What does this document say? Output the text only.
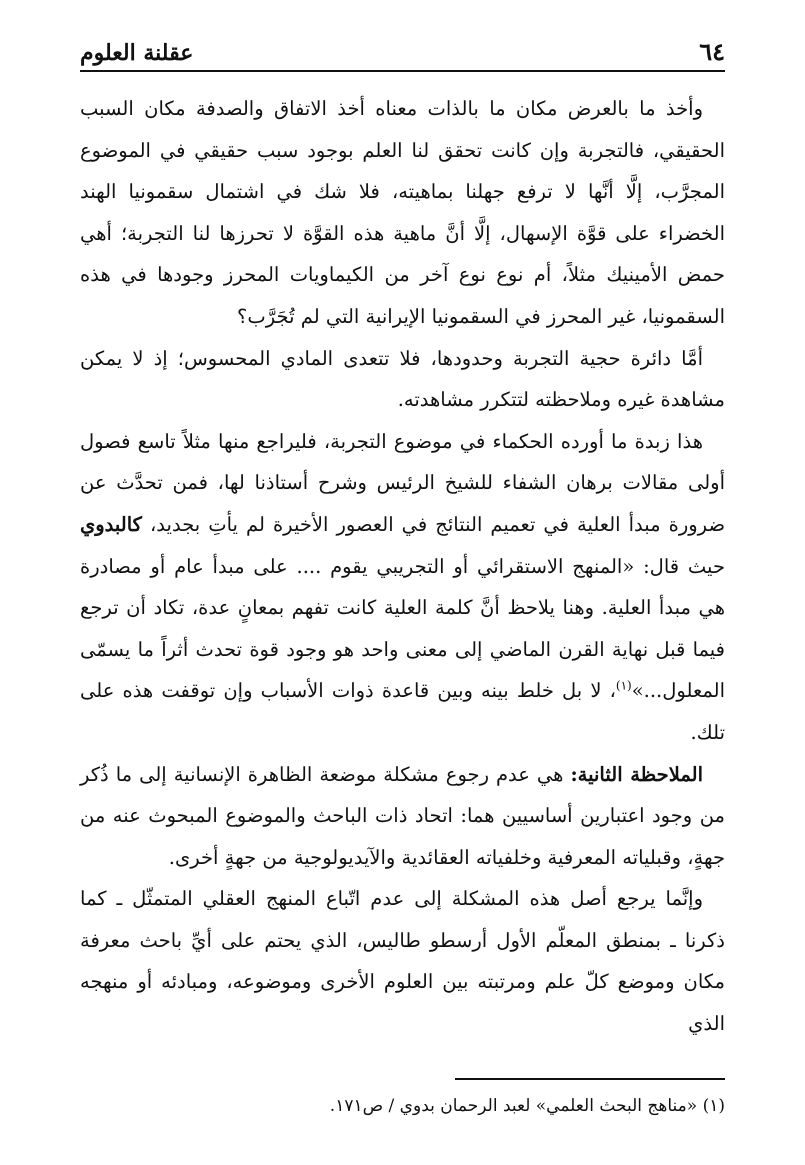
٦٤
عقلنة العلوم

وأخذ ما بالعرض مكان ما بالذات معناه أخذ الاتفاق والصدفة مكان السبب الحقيقي، فالتجربة وإن كانت تحقق لنا العلم بوجود سبب حقيقي في الموضوع المجرَّب، إلَّا أنَّها لا ترفع جهلنا بماهيته، فلا شك في اشتمال سقمونيا الهند الخضراء على قوَّة الإسهال، إلَّا أنَّ ماهية هذه القوَّة لا تحرزها لنا التجربة؛ أهي حمض الأمينيك مثلاً، أم نوع نوع آخر من الكيماويات المحرز وجودها في هذه السقمونيا، غير المحرز في السقمونيا الإيرانية التي لم تُجَرَّب؟

أمَّا دائرة حجية التجربة وحدودها، فلا تتعدى المادي المحسوس؛ إذ لا يمكن مشاهدة غيره وملاحظته لتتكرر مشاهدته.

هذا زبدة ما أورده الحكماء في موضوع التجربة، فليراجع منها مثلاً تاسع فصول أولى مقالات برهان الشفاء للشيخ الرئيس وشرح أستاذنا لها، فمن تحدَّث عن ضرورة مبدأ العلية في تعميم النتائج في العصور الأخيرة لم يأتِ بجديد، كالبدوي حيث قال: «المنهج الاستقرائي أو التجريبي يقوم .... على مبدأ عام أو مصادرة هي مبدأ العلية. وهنا يلاحظ أنَّ كلمة العلية كانت تفهم بمعانٍ عدة، تكاد أن ترجع فيما قبل نهاية القرن الماضي إلى معنى واحد هو وجود قوة تحدث أثراً ما يسمّى المعلول...»$^{(١)}$، لا بل خلط بينه وبين قاعدة ذوات الأسباب وإن توقفت هذه على تلك.

الملاحظة الثانية: هي عدم رجوع مشكلة موضعة الظاهرة الإنسانية إلى ما ذُكر من وجود اعتبارين أساسيين هما: اتحاد ذات الباحث والموضوع المبحوث عنه من جهةٍ، وقبلياته المعرفية وخلفياته العقائدية والآيديولوجية من جهةٍ أخرى.

وإنَّما يرجع أصل هذه المشكلة إلى عدم اتّباع المنهج العقلي المتمثّل ـ كما ذكرنا ـ بمنطق المعلّم الأول أرسطو طاليس، الذي يحتم على أيِّ باحث معرفة مكان وموضع كلّ علم ومرتبته بين العلوم الأخرى وموضوعه، ومبادئه أو منهجه الذي

(١) «مناهج البحث العلمي» لعبد الرحمان بدوي / ص١٧١.
